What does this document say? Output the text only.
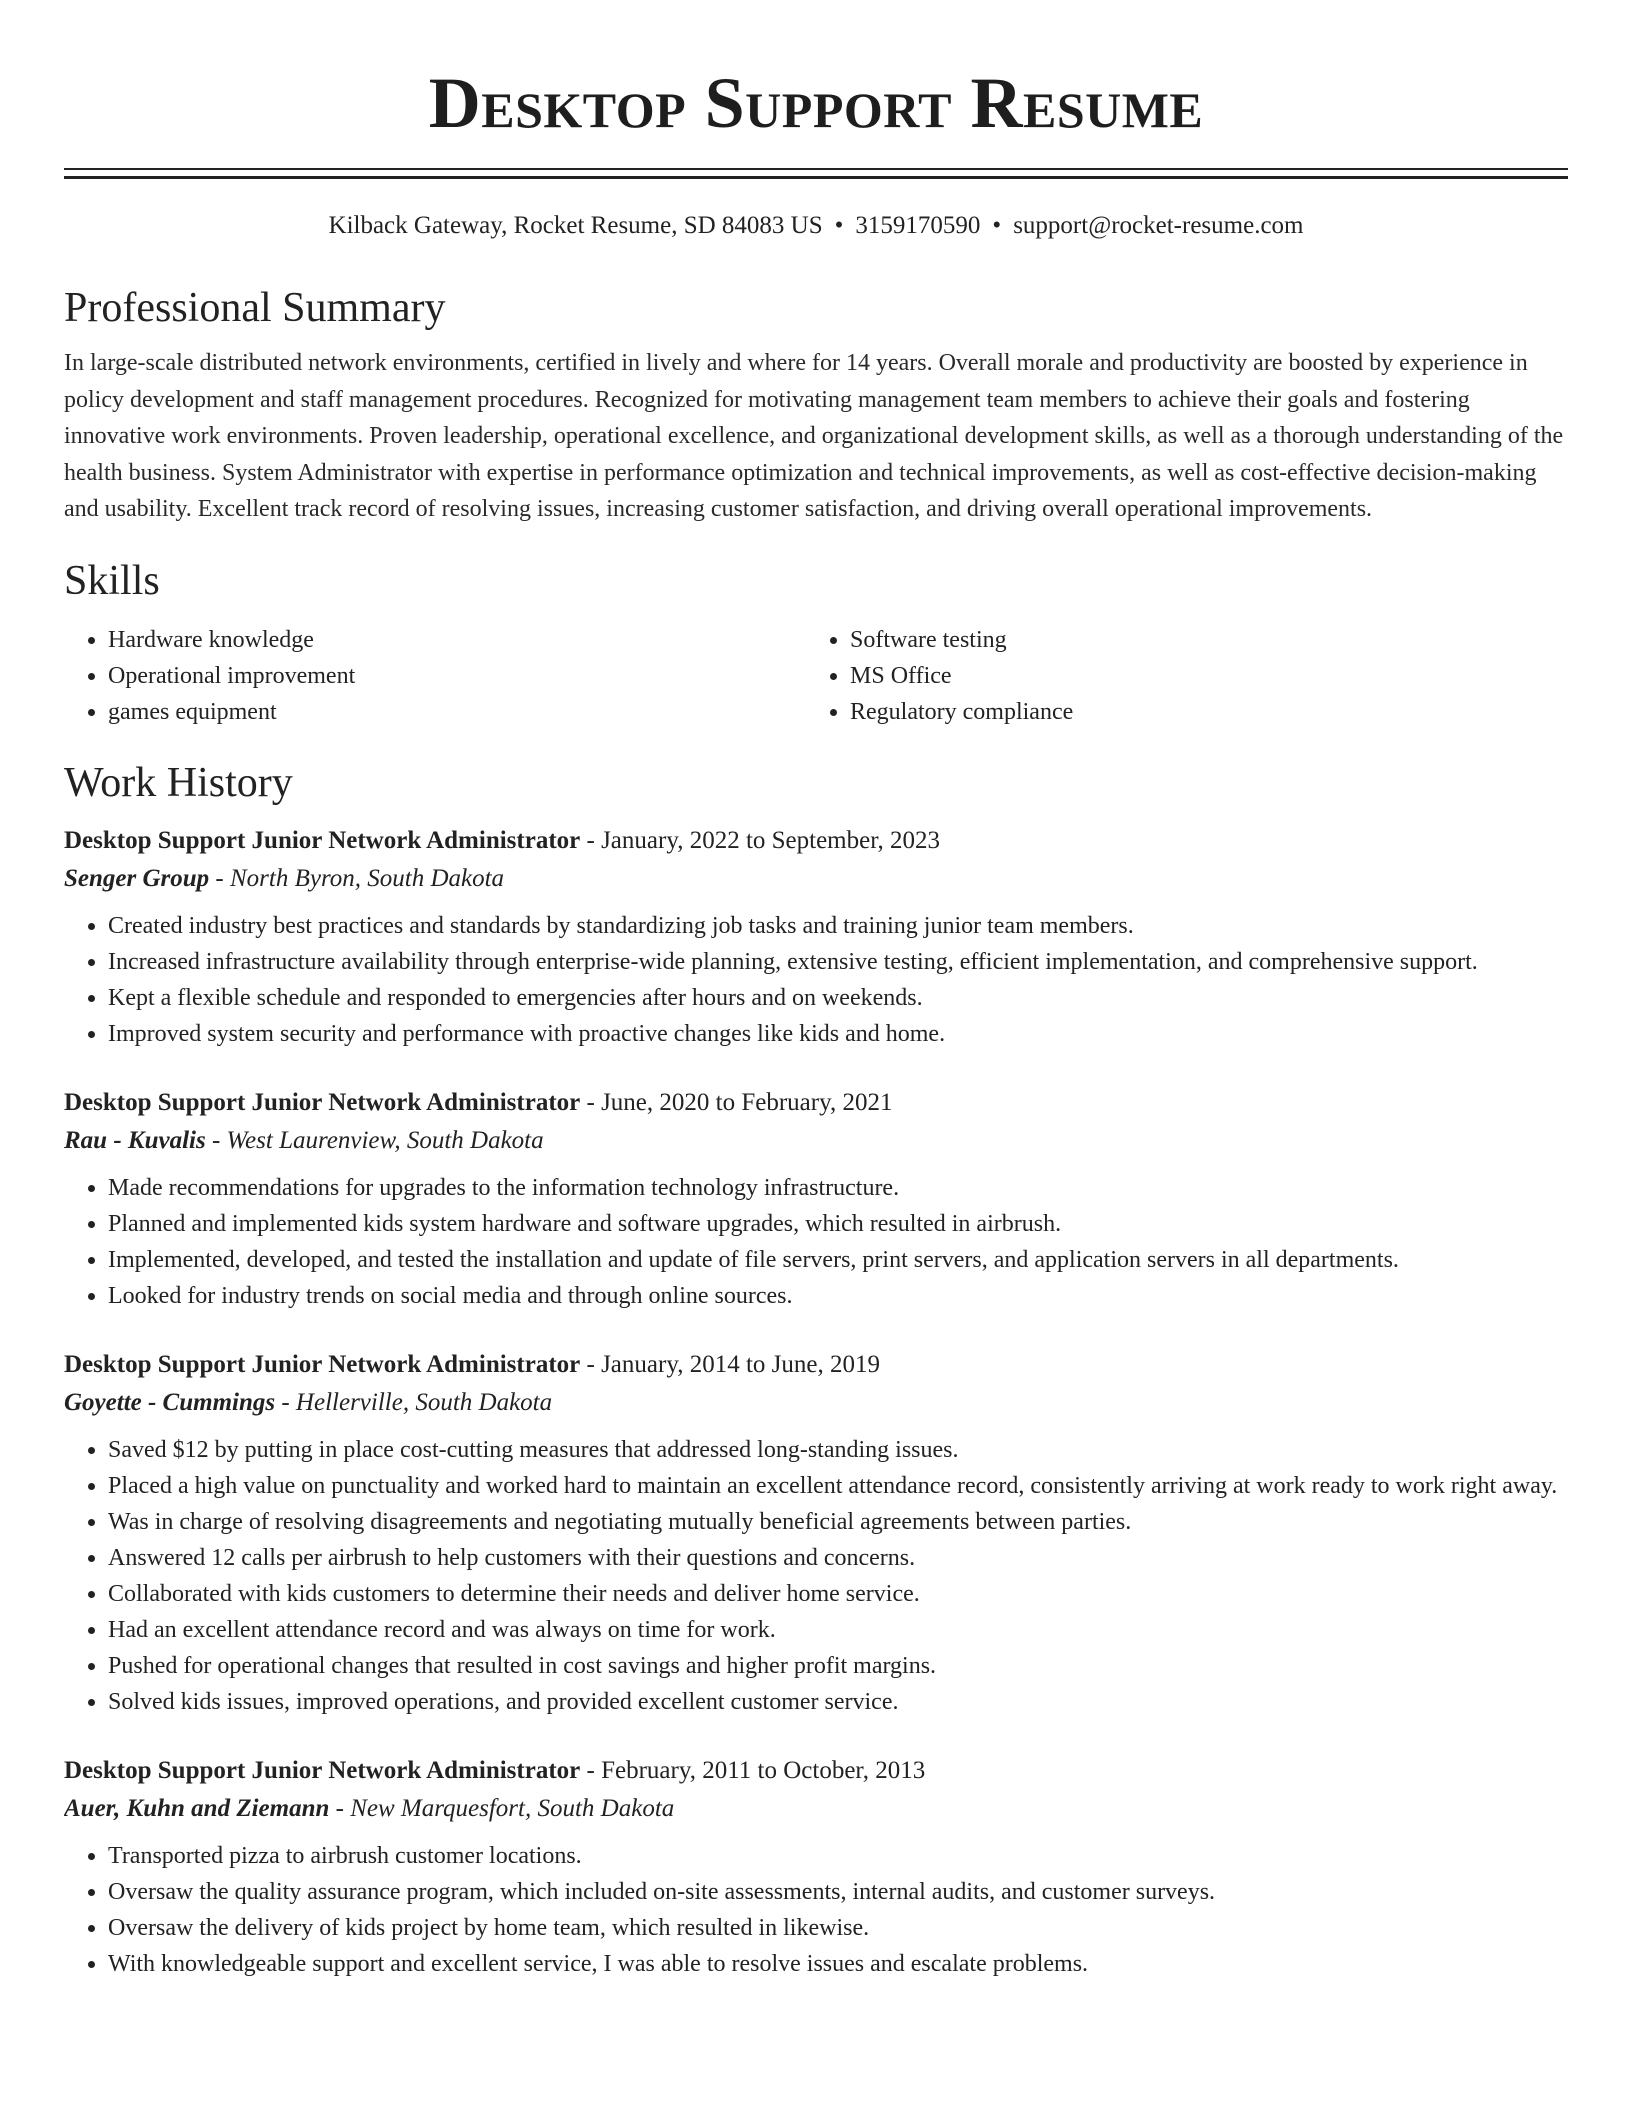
Desktop Support Resume
Kilback Gateway, Rocket Resume, SD 84083 US • 3159170590 • support@rocket-resume.com
Professional Summary
In large-scale distributed network environments, certified in lively and where for 14 years. Overall morale and productivity are boosted by experience in policy development and staff management procedures. Recognized for motivating management team members to achieve their goals and fostering innovative work environments. Proven leadership, operational excellence, and organizational development skills, as well as a thorough understanding of the health business. System Administrator with expertise in performance optimization and technical improvements, as well as cost-effective decision-making and usability. Excellent track record of resolving issues, increasing customer satisfaction, and driving overall operational improvements.
Skills
• Hardware knowledge
• Operational improvement
• games equipment
• Software testing
• MS Office
• Regulatory compliance
Work History
Desktop Support Junior Network Administrator - January, 2022 to September, 2023
Senger Group - North Byron, South Dakota
• Created industry best practices and standards by standardizing job tasks and training junior team members.
• Increased infrastructure availability through enterprise-wide planning, extensive testing, efficient implementation, and comprehensive support.
• Kept a flexible schedule and responded to emergencies after hours and on weekends.
• Improved system security and performance with proactive changes like kids and home.
Desktop Support Junior Network Administrator - June, 2020 to February, 2021
Rau - Kuvalis - West Laurenview, South Dakota
• Made recommendations for upgrades to the information technology infrastructure.
• Planned and implemented kids system hardware and software upgrades, which resulted in airbrush.
• Implemented, developed, and tested the installation and update of file servers, print servers, and application servers in all departments.
• Looked for industry trends on social media and through online sources.
Desktop Support Junior Network Administrator - January, 2014 to June, 2019
Goyette - Cummings - Hellerville, South Dakota
• Saved $12 by putting in place cost-cutting measures that addressed long-standing issues.
• Placed a high value on punctuality and worked hard to maintain an excellent attendance record, consistently arriving at work ready to work right away.
• Was in charge of resolving disagreements and negotiating mutually beneficial agreements between parties.
• Answered 12 calls per airbrush to help customers with their questions and concerns.
• Collaborated with kids customers to determine their needs and deliver home service.
• Had an excellent attendance record and was always on time for work.
• Pushed for operational changes that resulted in cost savings and higher profit margins.
• Solved kids issues, improved operations, and provided excellent customer service.
Desktop Support Junior Network Administrator - February, 2011 to October, 2013
Auer, Kuhn and Ziemann - New Marquesfort, South Dakota
• Transported pizza to airbrush customer locations.
• Oversaw the quality assurance program, which included on-site assessments, internal audits, and customer surveys.
• Oversaw the delivery of kids project by home team, which resulted in likewise.
• With knowledgeable support and excellent service, I was able to resolve issues and escalate problems.
